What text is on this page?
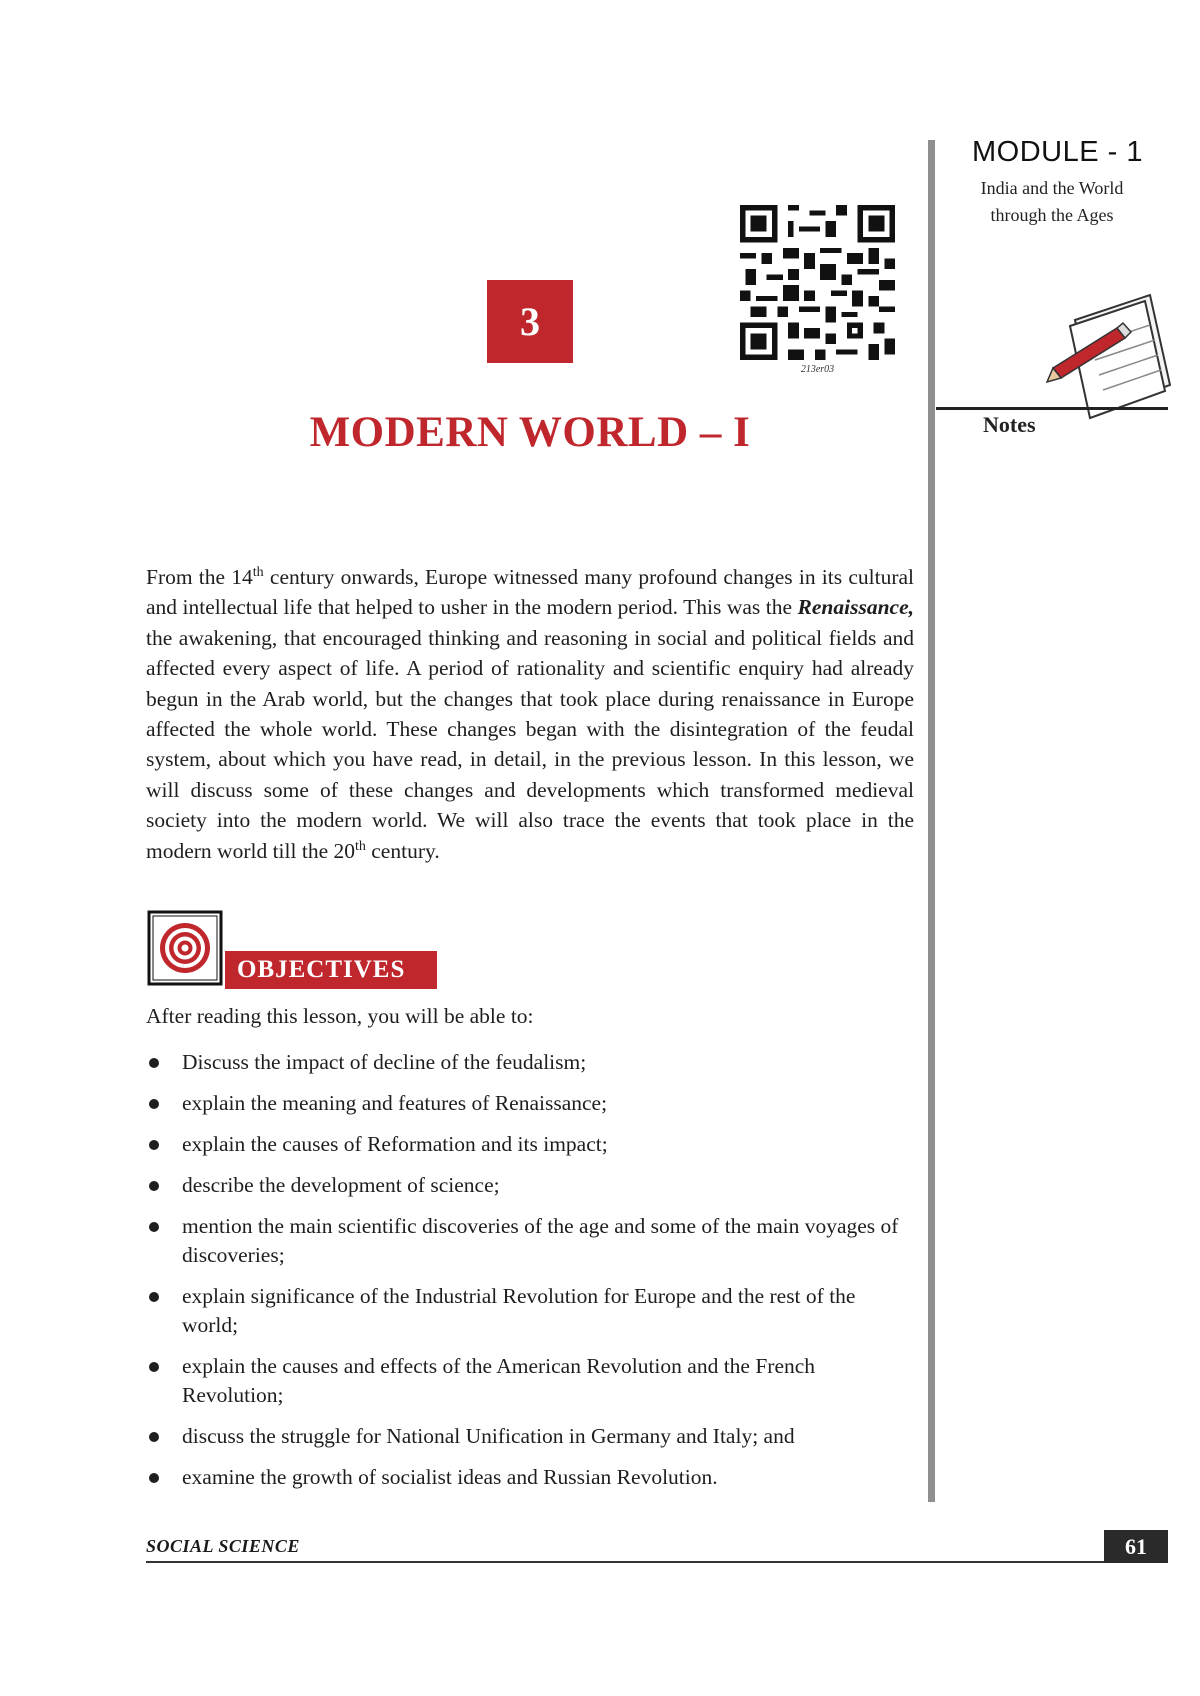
MODULE - 1
India and the World
through the Ages
Notes
3
213er03
MODERN WORLD – I
From the 14th century onwards, Europe witnessed many profound changes in its cultural and intellectual life that helped to usher in the modern period. This was the Renaissance, the awakening, that encouraged thinking and reasoning in social and political fields and affected every aspect of life. A period of rationality and scientific enquiry had already begun in the Arab world, but the changes that took place during renaissance in Europe affected the whole world. These changes began with the disintegration of the feudal system, about which you have read, in detail, in the previous lesson. In this lesson, we will discuss some of these changes and developments which transformed medieval society into the modern world. We will also trace the events that took place in the modern world till the 20th century.
OBJECTIVES
After reading this lesson, you will be able to:
Discuss the impact of decline of the feudalism;
explain the meaning and features of Renaissance;
explain the causes of Reformation and its impact;
describe the development of science;
mention the main scientific discoveries of the age and some of the main voyages of discoveries;
explain significance of the Industrial Revolution for Europe and the rest of the world;
explain the causes and effects of the American Revolution and the French Revolution;
discuss the struggle for National Unification in Germany and Italy; and
examine the growth of socialist ideas and Russian Revolution.
SOCIAL SCIENCE	61
